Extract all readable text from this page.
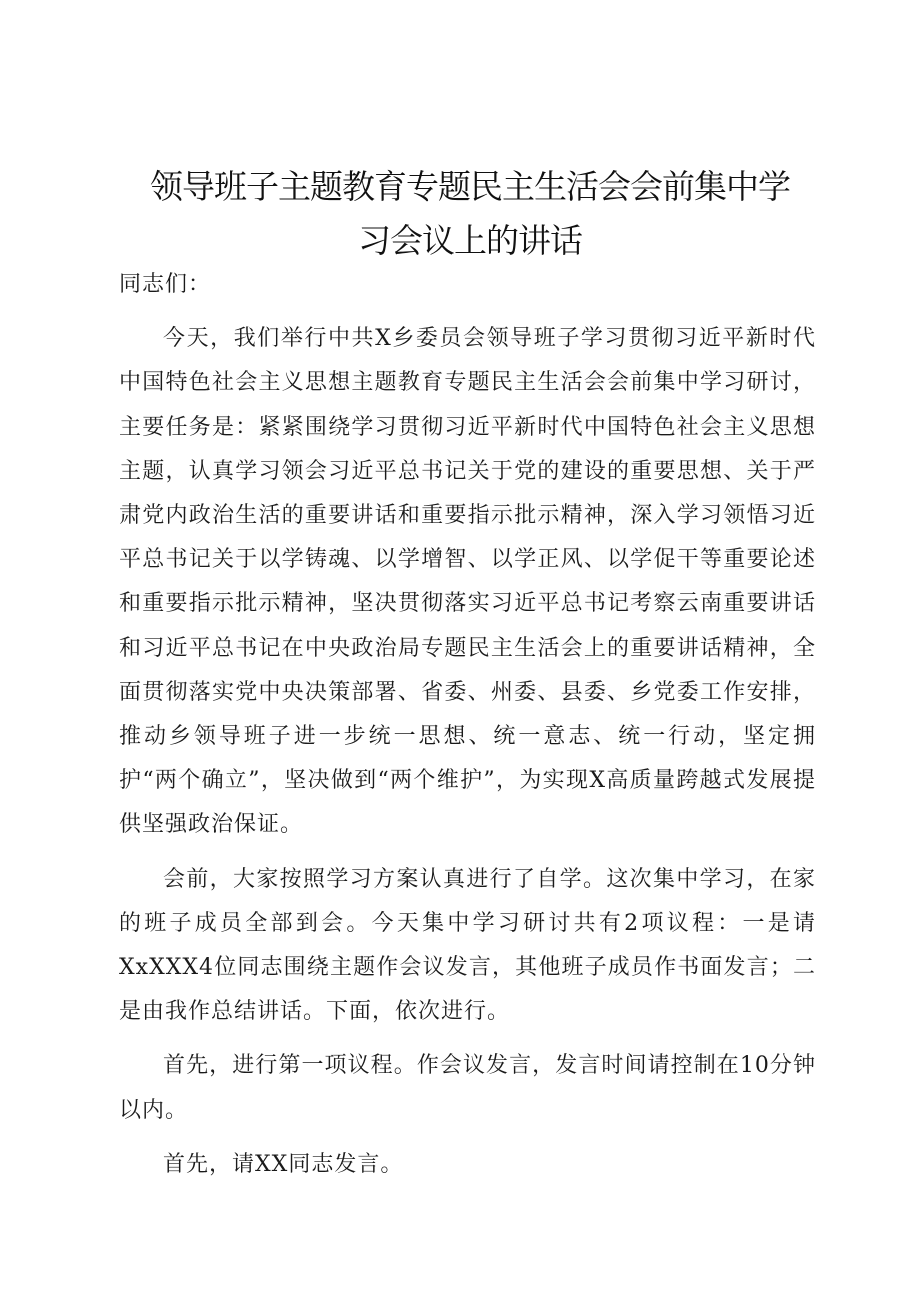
领导班子主题教育专题民主生活会会前集中学
习会议上的讲话

同志们：

今天，我们举行中共X乡委员会领导班子学习贯彻习近平新时代中国特色社会主义思想主题教育专题民主生活会会前集中学习研讨，主要任务是：紧紧围绕学习贯彻习近平新时代中国特色社会主义思想主题，认真学习领会习近平总书记关于党的建设的重要思想、关于严肃党内政治生活的重要讲话和重要指示批示精神，深入学习领悟习近平总书记关于以学铸魂、以学增智、以学正风、以学促干等重要论述和重要指示批示精神，坚决贯彻落实习近平总书记考察云南重要讲话和习近平总书记在中央政治局专题民主生活会上的重要讲话精神，全面贯彻落实党中央决策部署、省委、州委、县委、乡党委工作安排，推动乡领导班子进一步统一思想、统一意志、统一行动，坚定拥护“两个确立”，坚决做到“两个维护”，为实现X高质量跨越式发展提供坚强政治保证。

会前，大家按照学习方案认真进行了自学。这次集中学习，在家的班子成员全部到会。今天集中学习研讨共有2项议程：一是请XxXXX4位同志围绕主题作会议发言，其他班子成员作书面发言；二是由我作总结讲话。下面，依次进行。

首先，进行第一项议程。作会议发言，发言时间请控制在10分钟以内。

首先，请XX同志发言。
